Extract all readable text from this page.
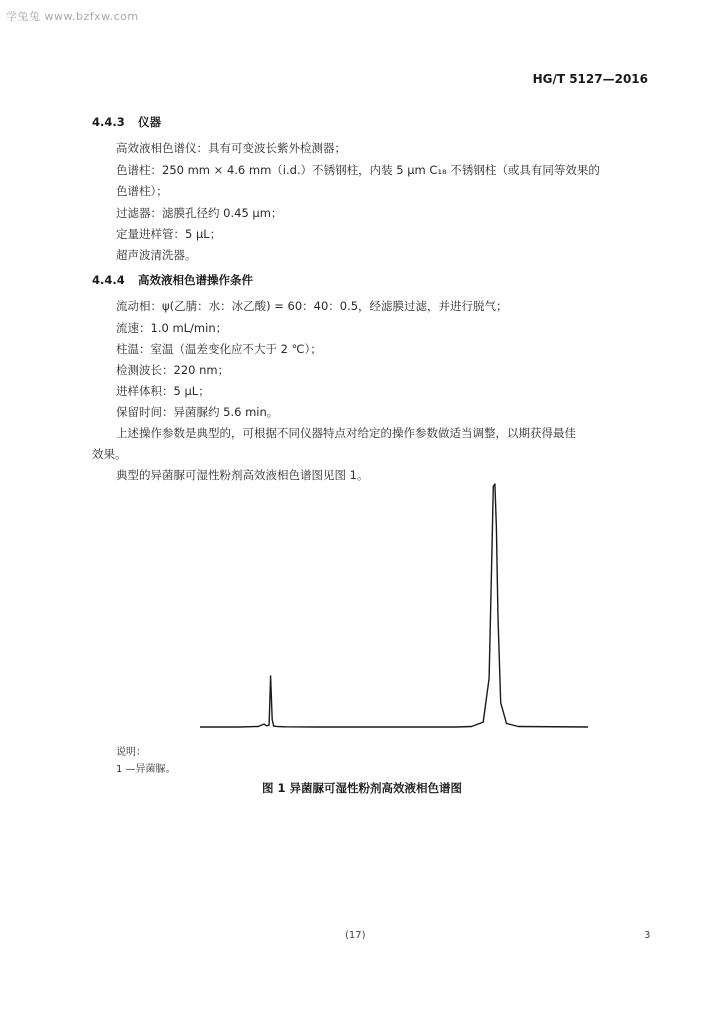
学兔兔 www.bzfxw.com
HG/T 5127—2016
4.4.3 仪器
高效液相色谱仪：具有可变波长紫外检测器；
色谱柱：250 mm × 4.6 mm（i.d.）不锈钢柱，内装 5 μm C₁₈ 不锈钢柱（或具有同等效果的
色谱柱）；
过滤器：滤膜孔径约 0.45 μm；
定量进样管：5 μL；
超声波清洗器。
4.4.4 高效液相色谱操作条件
流动相：ψ(乙腈：水：冰乙酸) = 60：40：0.5，经滤膜过滤，并进行脱气；
流速：1.0 mL/min；
柱温：室温（温差变化应不大于 2 ℃）；
检测波长：220 nm；
进样体积：5 μL；
保留时间：异菌脲约 5.6 min。
上述操作参数是典型的，可根据不同仪器特点对给定的操作参数做适当调整，以期获得最佳
效果。
典型的异菌脲可湿性粉剂高效液相色谱图见图 1。
说明：
1 —异菌脲。
图 1 异菌脲可湿性粉剂高效液相色谱图
(17)	3
